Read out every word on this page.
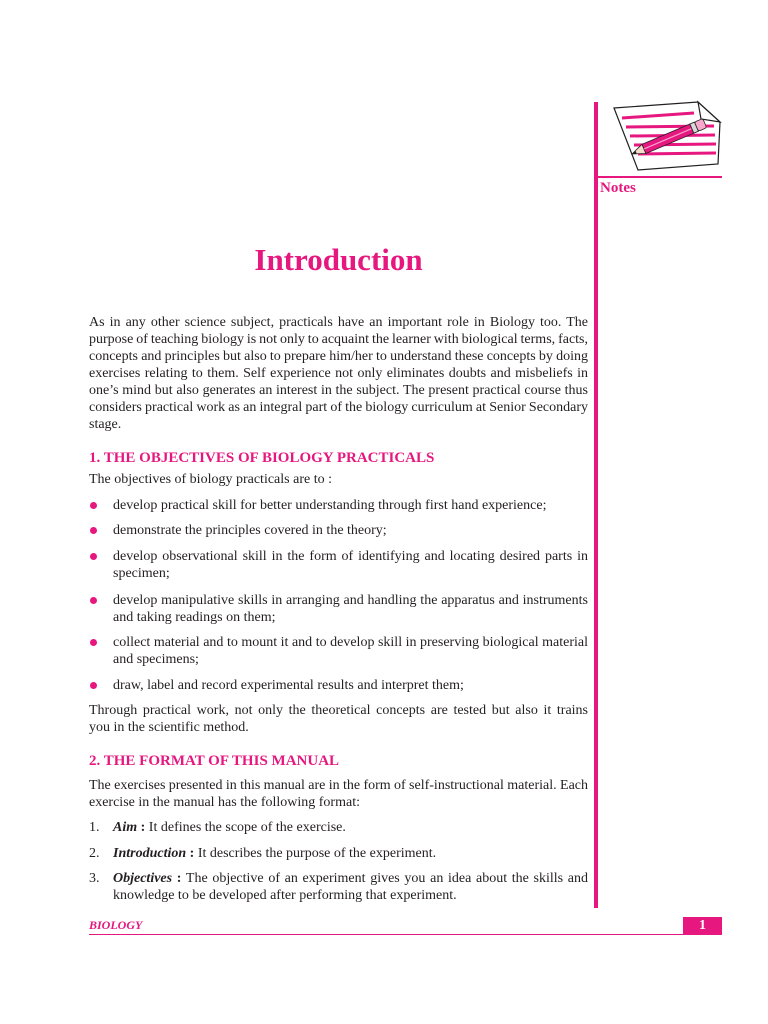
Notes
Introduction
As in any other science subject, practicals have an important role in Biology too. The
purpose of teaching biology is not only to acquaint the learner with biological terms, facts,
concepts and principles but also to prepare him/her to understand these concepts by doing
exercises relating to them. Self experience not only eliminates doubts and misbeliefs in
one’s mind but also generates an interest in the subject. The present practical course thus
considers practical work as an integral part of the biology curriculum at Senior Secondary
stage.
1. THE OBJECTIVES OF BIOLOGY PRACTICALS
The objectives of biology practicals are to :
develop practical skill for better understanding through first hand experience;
demonstrate the principles covered in the theory;
develop observational skill in the form of identifying and locating desired parts in
specimen;
develop manipulative skills in arranging and handling the apparatus and instruments
and taking readings on them;
collect material and to mount it and to develop skill in preserving biological material
and specimens;
draw, label and record experimental results and interpret them;
Through practical work, not only the theoretical concepts are tested but also it trains
you in the scientific method.
2. THE FORMAT OF THIS MANUAL
The exercises presented in this manual are in the form of self-instructional material. Each
exercise in the manual has the following format:
1. Aim : It defines the scope of the exercise.
2. Introduction : It describes the purpose of the experiment.
3. Objectives : The objective of an experiment gives you an idea about the skills and
knowledge to be developed after performing that experiment.
BIOLOGY	1
